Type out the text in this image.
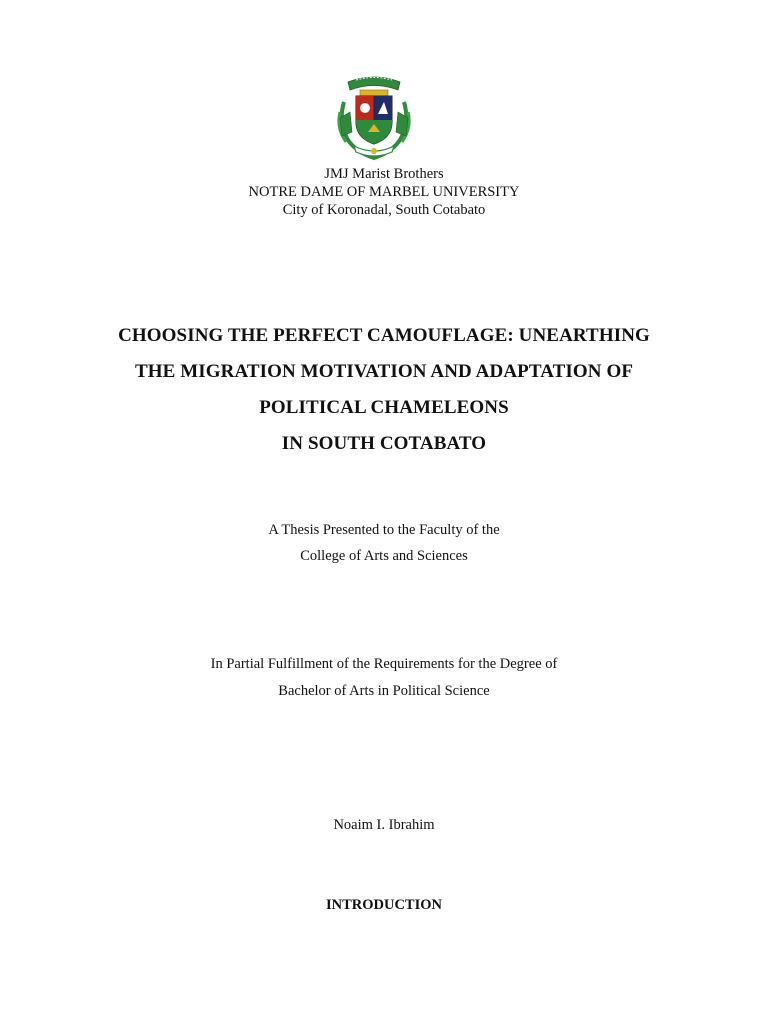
JMJ Marist Brothers
NOTRE DAME OF MARBEL UNIVERSITY
City of Koronadal, South Cotabato
CHOOSING THE PERFECT CAMOUFLAGE: UNEARTHING
THE MIGRATION MOTIVATION AND ADAPTATION OF
POLITICAL CHAMELEONS
IN SOUTH COTABATO
A Thesis Presented to the Faculty of the
College of Arts and Sciences
In Partial Fulfillment of the Requirements for the Degree of
Bachelor of Arts in Political Science
Noaim I. Ibrahim
INTRODUCTION
